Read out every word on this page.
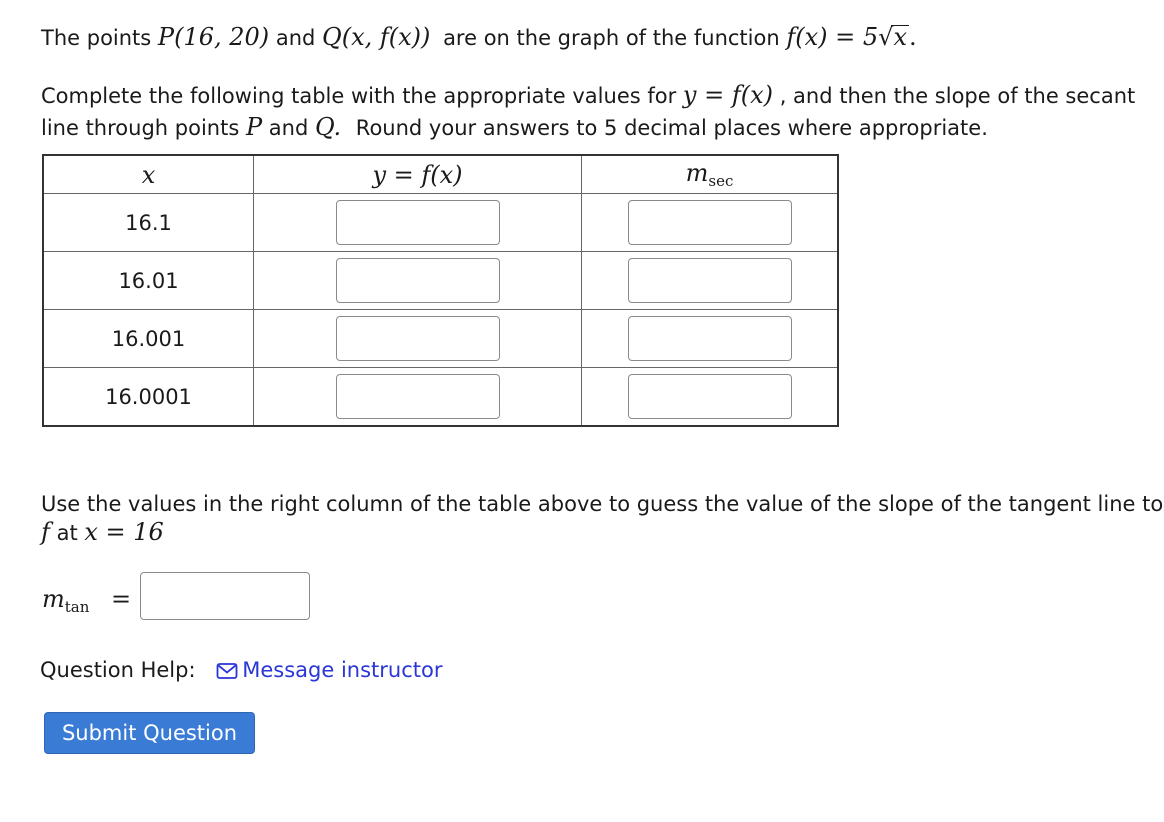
The points P(16, 20) and Q(x, f(x)) are on the graph of the function f(x) = 5√x.
Complete the following table with the appropriate values for y = f(x) , and then the slope of the secant
line through points P and Q. Round your answers to 5 decimal places where appropriate.
x	y = f(x)	$m_{sec}$
16.1	

16.01	

16.001	

16.0001	

Use the values in the right column of the table above to guess the value of the slope of the tangent line to
f at x = 16
$m_{tan}$ =
Question Help: Message instructor
Submit Question
